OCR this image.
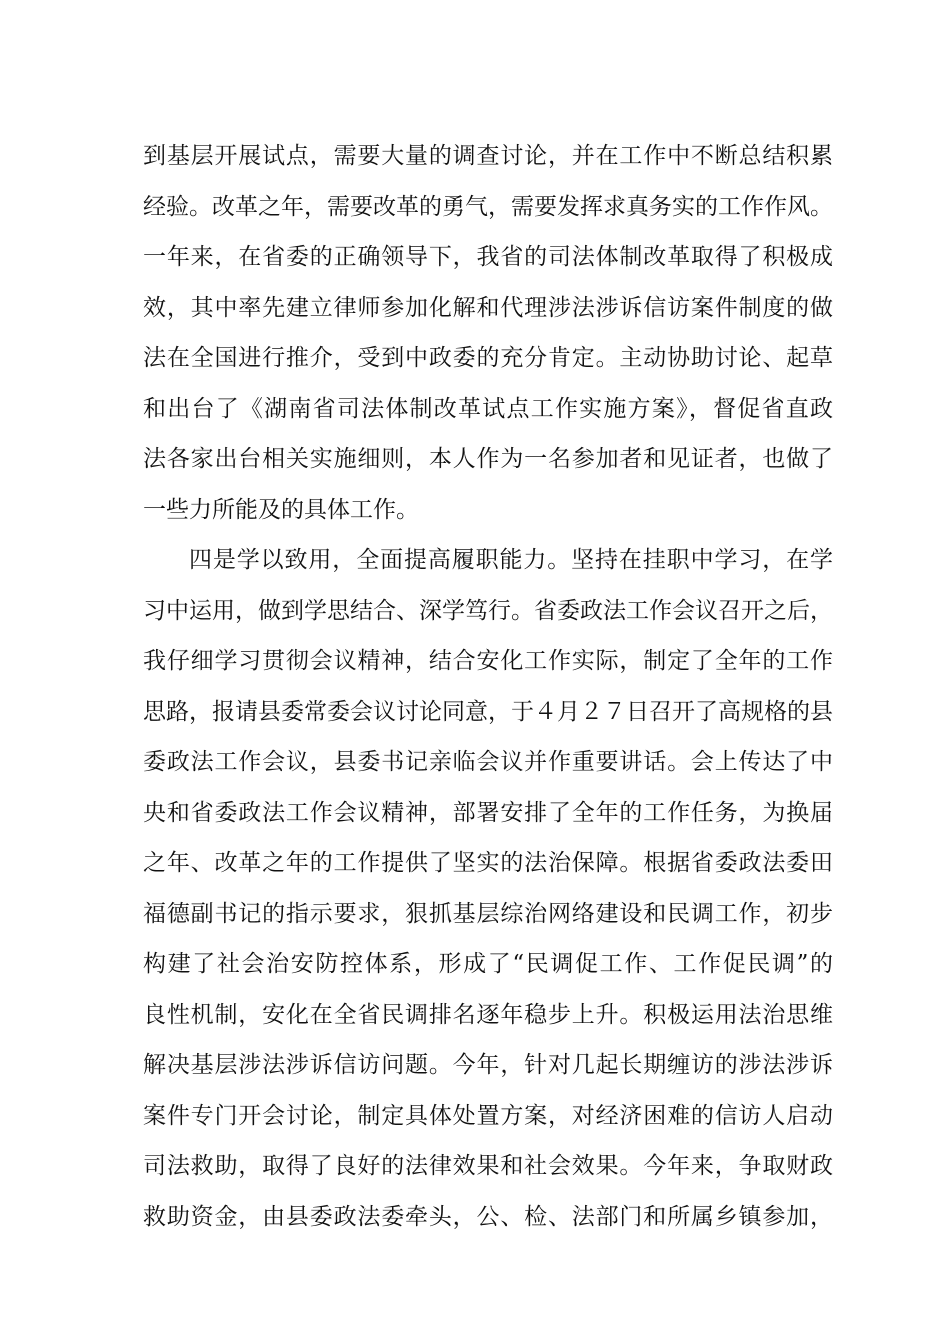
到基层开展试点，需要大量的调查讨论，并在工作中不断总结积累
经验。改革之年，需要改革的勇气，需要发挥求真务实的工作作风。
一年来，在省委的正确领导下，我省的司法体制改革取得了积极成
效，其中率先建立律师参加化解和代理涉法涉诉信访案件制度的做
法在全国进行推介，受到中政委的充分肯定。主动协助讨论、起草
和出台了《湖南省司法体制改革试点工作实施方案》，督促省直政
法各家出台相关实施细则，本人作为一名参加者和见证者，也做了
一些力所能及的具体工作。
四是学以致用，全面提高履职能力。坚持在挂职中学习，在学
习中运用，做到学思结合、深学笃行。省委政法工作会议召开之后，
我仔细学习贯彻会议精神，结合安化工作实际，制定了全年的工作
思路，报请县委常委会议讨论同意，于４月２７日召开了高规格的县
委政法工作会议，县委书记亲临会议并作重要讲话。会上传达了中
央和省委政法工作会议精神，部署安排了全年的工作任务，为换届
之年、改革之年的工作提供了坚实的法治保障。根据省委政法委田
福德副书记的指示要求，狠抓基层综治网络建设和民调工作，初步
构建了社会治安防控体系，形成了“民调促工作、工作促民调”的
良性机制，安化在全省民调排名逐年稳步上升。积极运用法治思维
解决基层涉法涉诉信访问题。今年，针对几起长期缠访的涉法涉诉
案件专门开会讨论，制定具体处置方案，对经济困难的信访人启动
司法救助，取得了良好的法律效果和社会效果。今年来，争取财政
救助资金，由县委政法委牵头，公、检、法部门和所属乡镇参加，
